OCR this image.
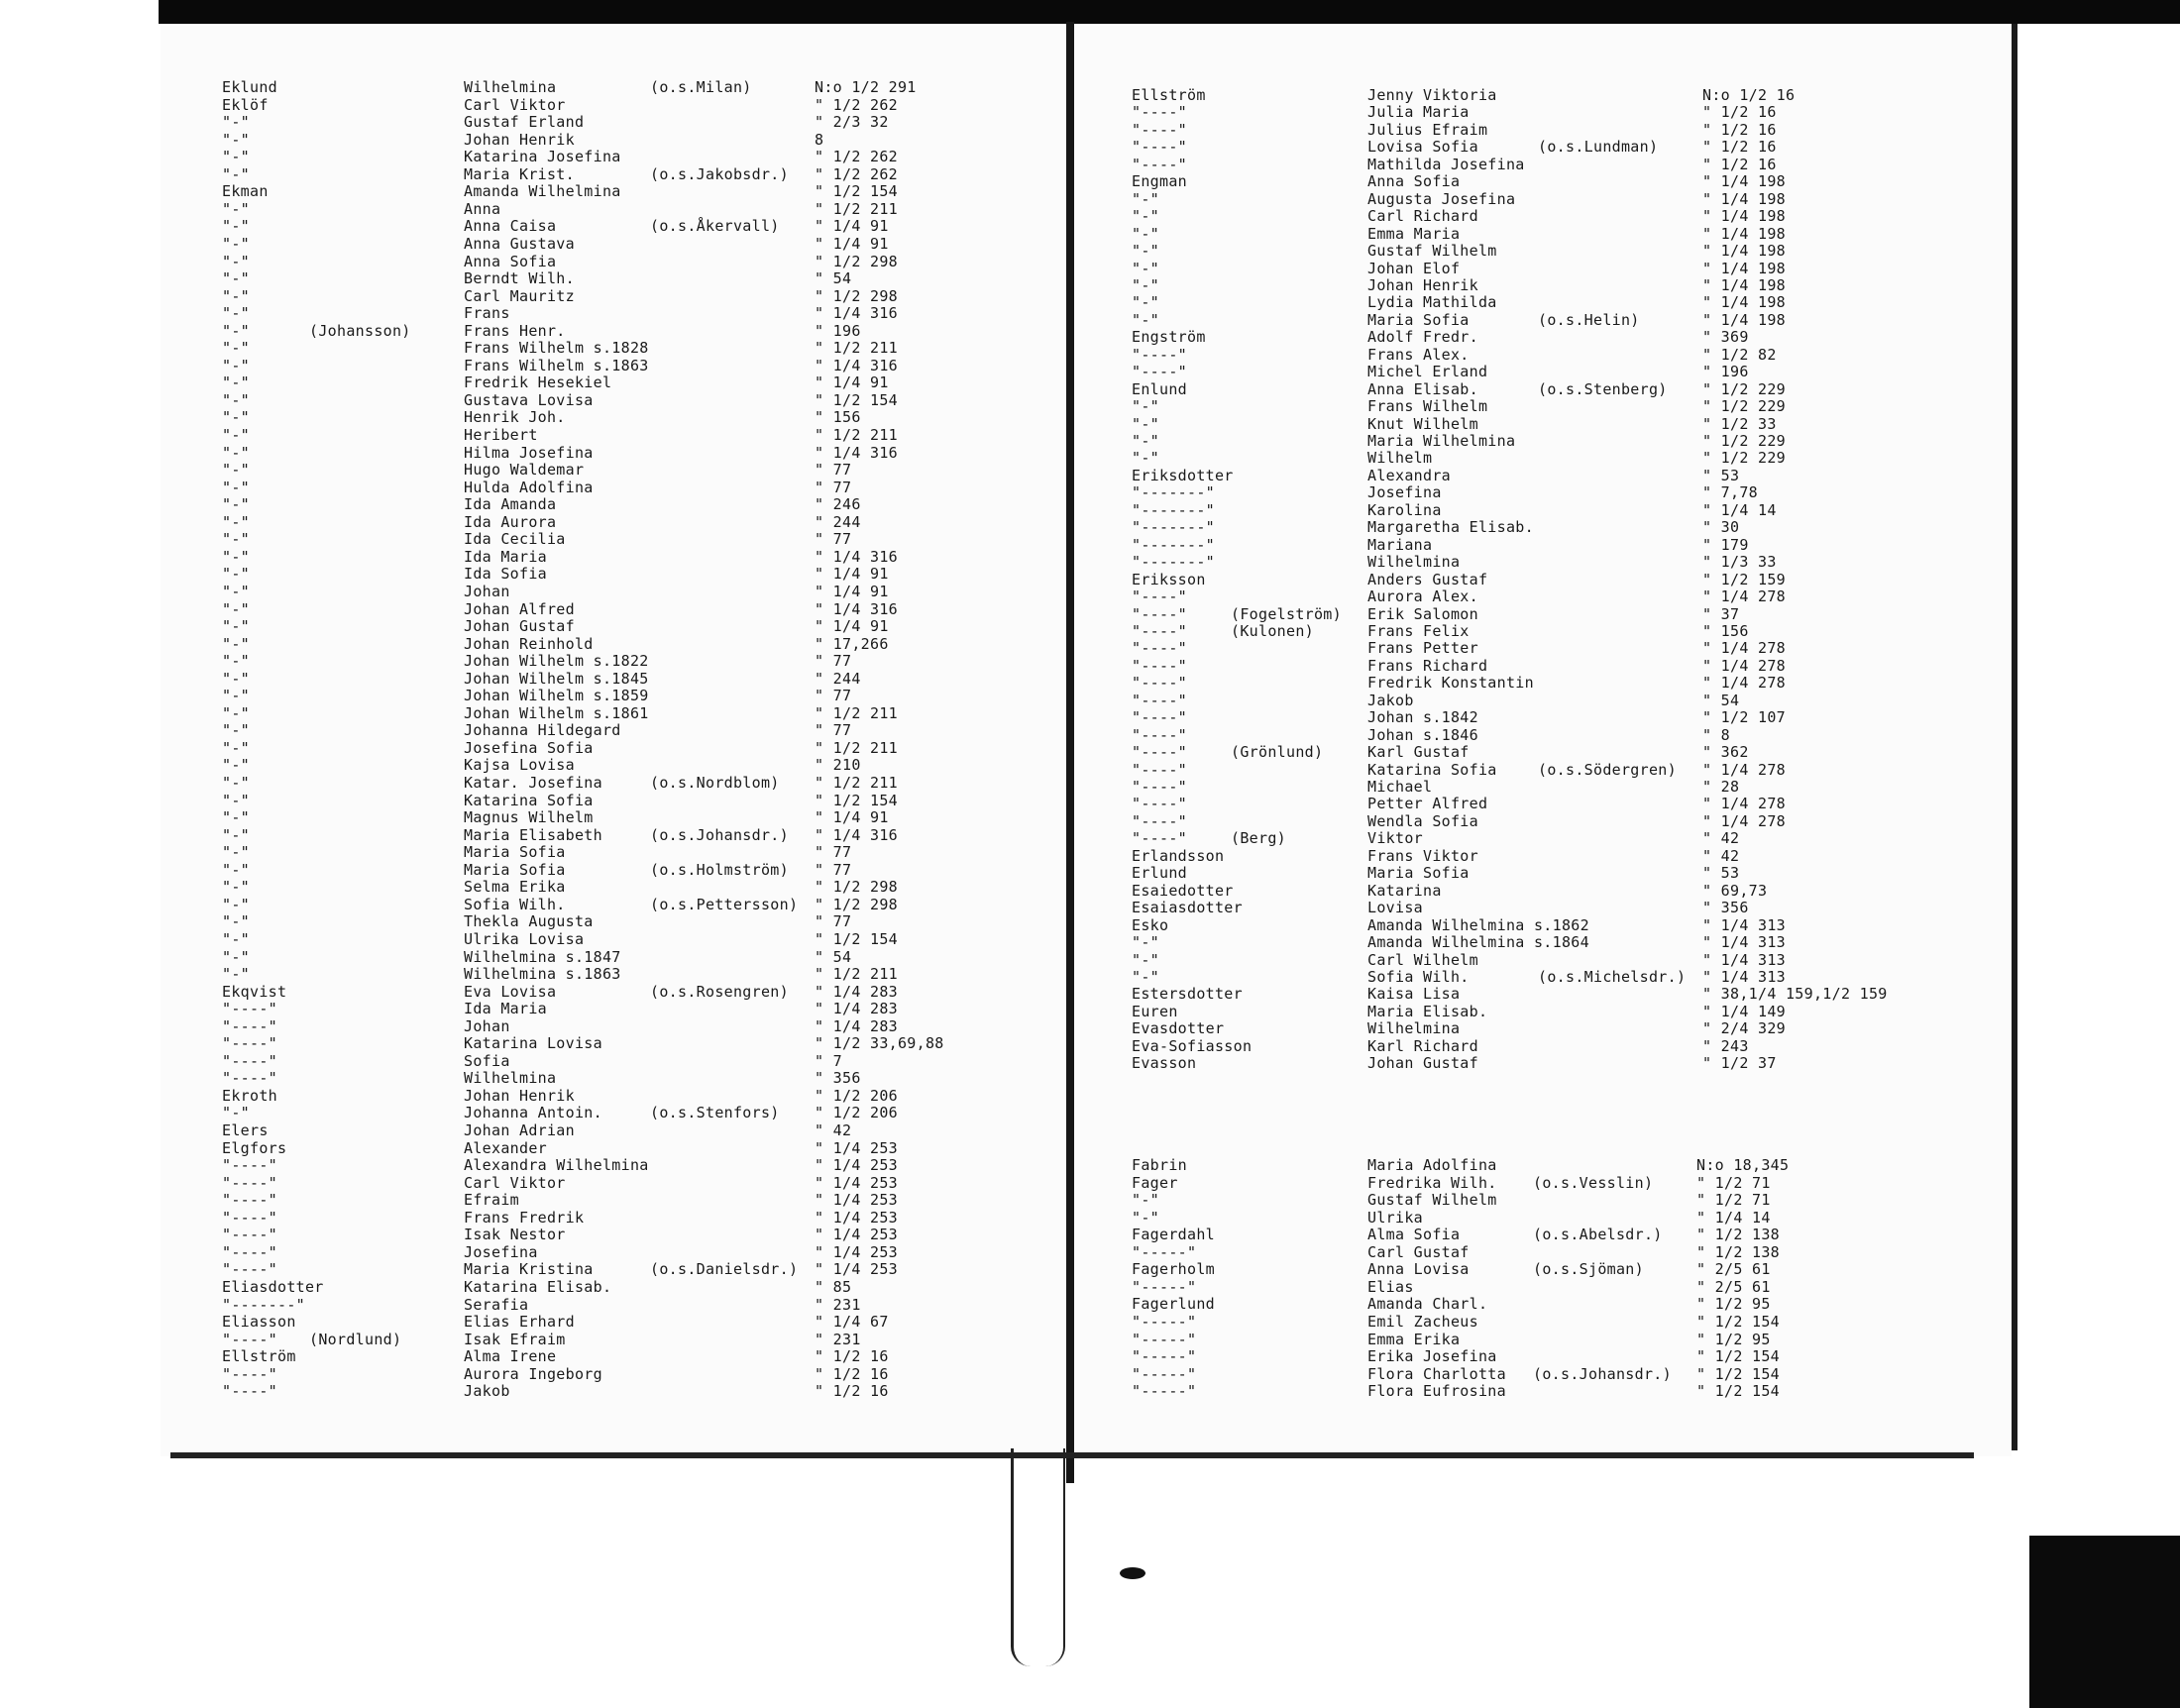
Eklund	Wilhelmina	(o.s.Milan)	N:o 1/2 291
Eklöf	Carl Viktor	" 1/2 262
"-"	Gustaf Erland	" 2/3 32
"-"	Johan Henrik	8
"-"	Katarina Josefina	" 1/2 262
"-"	Maria Krist.	(o.s.Jakobsdr.) " 1/2 262
Ekman	Amanda Wilhelmina	" 1/2 154
"-"	Anna	" 1/2 211
"-"	Anna Caisa	(o.s.Åkervall) " 1/4 91
"-"	Anna Gustava	" 1/4 91
"-"	Anna Sofia	" 1/2 298
"-"	Berndt Wilh.	" 54
"-"	Carl Mauritz	" 1/2 298
"-"	Frans	" 1/4 316
"-"	(Johansson)	Frans Henr.	" 196
"-"	Frans Wilhelm s.1828	" 1/2 211
"-"	Frans Wilhelm s.1863	" 1/4 316
"-"	Fredrik Hesekiel	" 1/4 91
"-"	Gustava Lovisa	" 1/2 154
"-"	Henrik Joh.	" 156
"-"	Heribert	" 1/2 211
"-"	Hilma Josefina	" 1/4 316
"-"	Hugo Waldemar	" 77
"-"	Hulda Adolfina	" 77
"-"	Ida Amanda	" 246
"-"	Ida Aurora	" 244
"-"	Ida Cecilia	" 77
"-"	Ida Maria	" 1/4 316
"-"	Ida Sofia	" 1/4 91
"-"	Johan	" 1/4 91
"-"	Johan Alfred	" 1/4 316
"-"	Johan Gustaf	" 1/4 91
"-"	Johan Reinhold	" 17,266
"-"	Johan Wilhelm s.1822	" 77
"-"	Johan Wilhelm s.1845	" 244
"-"	Johan Wilhelm s.1859	" 77
"-"	Johan Wilhelm s.1861	" 1/2 211
"-"	Johanna Hildegard	" 77
"-"	Josefina Sofia	" 1/2 211
"-"	Kajsa Lovisa	" 210
"-"	Katar. Josefina	(o.s.Nordblom) " 1/2 211
"-"	Katarina Sofia	" 1/2 154
"-"	Magnus Wilhelm	" 1/4 91
"-"	Maria Elisabeth	(o.s.Johansdr.) " 1/4 316
"-"	Maria Sofia	" 77
"-"	Maria Sofia	(o.s.Holmström) " 77
"-"	Selma Erika	" 1/2 298
"-"	Sofia Wilh.	(o.s.Pettersson) " 1/2 298
"-"	Thekla Augusta	" 77
"-"	Ulrika Lovisa	" 1/2 154
"-"	Wilhelmina s.1847	" 54
"-"	Wilhelmina s.1863	" 1/2 211
Ekqvist	Eva Lovisa	(o.s.Rosengren) " 1/4 283
"----"	Ida Maria	" 1/4 283
"----"	Johan	" 1/4 283
"----"	Katarina Lovisa	" 1/2 33,69,88
"----"	Sofia	" 7
"----"	Wilhelmina	" 356
Ekroth	Johan Henrik	" 1/2 206
"-"	Johanna Antoin.	(o.s.Stenfors) " 1/2 206
Elers	Johan Adrian	" 42
Elgfors	Alexander	" 1/4 253
"----"	Alexandra Wilhelmina	" 1/4 253
"----"	Carl Viktor	" 1/4 253
"----"	Efraim	" 1/4 253
"----"	Frans Fredrik	" 1/4 253
"----"	Isak Nestor	" 1/4 253
"----"	Josefina	" 1/4 253
"----"	Maria Kristina	(o.s.Danielsdr.) " 1/4 253
Eliasdotter	Katarina Elisab.	" 85
"-------"	Serafia	" 231
Eliasson	Elias Erhard	" 1/4 67
"----" (Nordlund)	Isak Efraim	" 231
Ellström	Alma Irene	" 1/2 16
"----"	Aurora Ingeborg	" 1/2 16
"----"	Jakob	" 1/2 16
Ellström	Jenny Viktoria	N:o 1/2 16
"----"	Julia Maria	" 1/2 16
"----"	Julius Efraim	" 1/2 16
"----"	Lovisa Sofia	(o.s.Lundman)	" 1/2 16
"----"	Mathilda Josefina	" 1/2 16
Engman	Anna Sofia	" 1/4 198
"-"	Augusta Josefina	" 1/4 198
"-"	Carl Richard	" 1/4 198
"-"	Emma Maria	" 1/4 198
"-"	Gustaf Wilhelm	" 1/4 198
"-"	Johan Elof	" 1/4 198
"-"	Johan Henrik	" 1/4 198
"-"	Lydia Mathilda	" 1/4 198
"-"	Maria Sofia	(o.s.Helin)	" 1/4 198
Engström	Adolf Fredr.	" 369
"----"	Frans Alex.	" 1/2 82
"----"	Michel Erland	" 196
Enlund	Anna Elisab.	(o.s.Stenberg) " 1/2 229
"-"	Frans Wilhelm	" 1/2 229
"-"	Knut Wilhelm	" 1/2 33
"-"	Maria Wilhelmina	" 1/2 229
"-"	Wilhelm	" 1/2 229
Eriksdotter	Alexandra	" 53
"-------"	Josefina	" 7,78
"-------"	Karolina	" 1/4 14
"-------"	Margaretha Elisab.	" 30
"-------"	Mariana	" 179
"-------"	Wilhelmina	" 1/3 33
Eriksson	Anders Gustaf	" 1/2 159
"----"	Aurora Alex.	" 1/4 278
"----"	(Fogelström) Erik Salomon	" 37
"----"	(Kulonen)	Frans Felix	" 156
"----"	Frans Petter	" 1/4 278
"----"	Frans Richard	" 1/4 278
"----"	Fredrik Konstantin	" 1/4 278
"----"	Jakob	" 54
"----"	Johan s.1842	" 1/2 107
"----"	Johan s.1846	" 8
"----"	(Grönlund)	Karl Gustaf	" 362
"----"	Katarina Sofia	(o.s.Södergren) " 1/4 278
"----"	Michael	" 28
"----"	Petter Alfred	" 1/4 278
"----"	Wendla Sofia	" 1/4 278
"----"	(Berg)	Viktor	" 42
Erlandsson	Frans Viktor	" 42
Erlund	Maria Sofia	" 53
Esaiedotter	Katarina	" 69,73
Esaiasdotter	Lovisa	" 356
Esko	Amanda Wilhelmina s.1862	" 1/4 313
"-"	Amanda Wilhelmina s.1864	" 1/4 313
"-"	Carl Wilhelm	" 1/4 313
"-"	Sofia Wilh.	(o.s.Michelsdr.) " 1/4 313
Estersdotter	Kaisa Lisa	" 38,1/4 159,1/2 159
Euren	Maria Elisab.	" 1/4 149
Evasdotter	Wilhelmina	" 2/4 329
Eva-Sofiasson	Karl Richard	" 243
Evasson	Johan Gustaf	" 1/2 37
Fabrin	Maria Adolfina	N:o 18,345
Fager	Fredrika Wilh. (o.s.Vesslin)	" 1/2 71
"-"	Gustaf Wilhelm	" 1/2 71
"-"	Ulrika	" 1/4 14
Fagerdahl	Alma Sofia	(o.s.Abelsdr.) " 1/2 138
"-----"	Carl Gustaf	" 1/2 138
Fagerholm	Anna Lovisa	(o.s.Sjöman)	" 2/5 61
"-----"	Elias	" 2/5 61
Fagerlund	Amanda Charl.	" 1/2 95
"-----"	Emil Zacheus	" 1/2 154
"-----"	Emma Erika	" 1/2 95
"-----"	Erika Josefina	" 1/2 154
"-----"	Flora Charlotta (o.s.Johansdr.) " 1/2 154
"-----"	Flora Eufrosina	" 1/2 154
